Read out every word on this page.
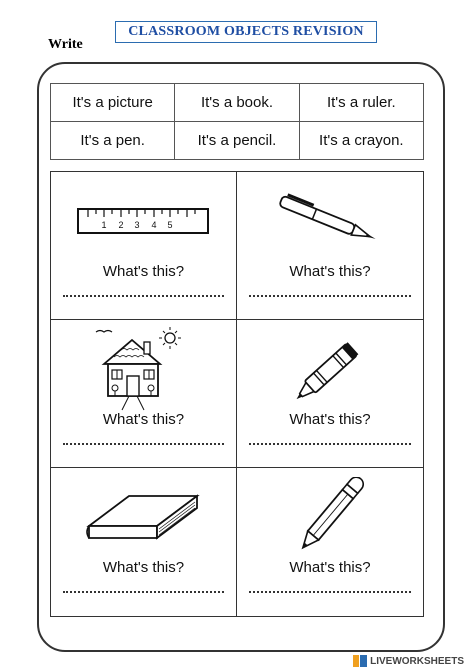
CLASSROOM OBJECTS REVISION
Write
It's a picture	It's a book.	It's a ruler.
It's a pen.	It's a pencil.	It's a crayon.
1 2 3 4 5
What's this?	What's this?
What's this?	What's this?
What's this?	What's this?
LIVEWORKSHEETS
